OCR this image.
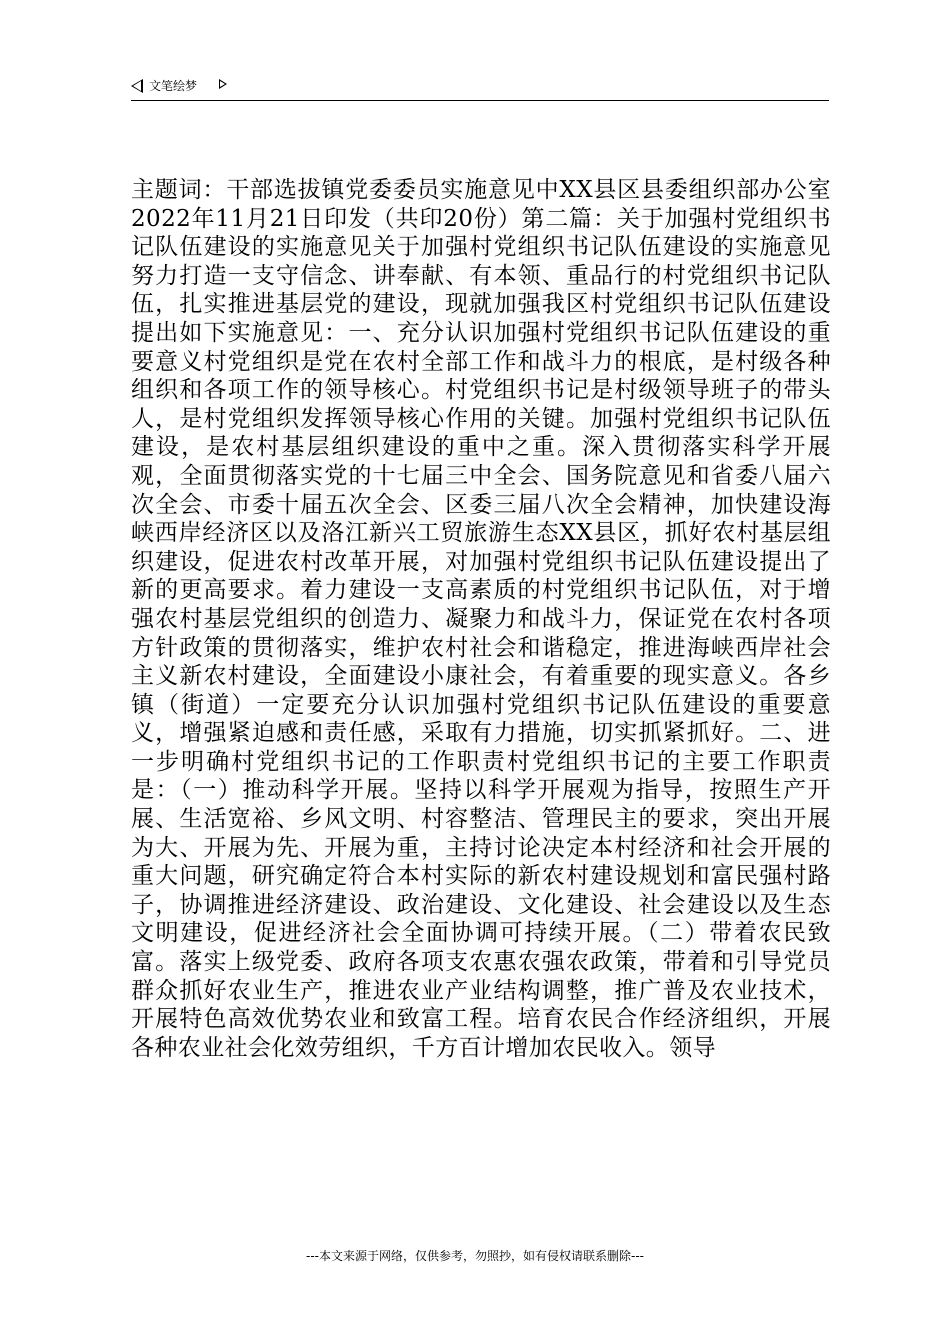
文笔绘梦
主题词：干部选拔镇党委委员实施意见中XX县区县委组织部办公室2022年11月21日印发（共印20份）第二篇：关于加强村党组织书记队伍建设的实施意见关于加强村党组织书记队伍建设的实施意见努力打造一支守信念、讲奉献、有本领、重品行的村党组织书记队伍，扎实推进基层党的建设，现就加强我区村党组织书记队伍建设提出如下实施意见：一、充分认识加强村党组织书记队伍建设的重要意义村党组织是党在农村全部工作和战斗力的根底，是村级各种组织和各项工作的领导核心。村党组织书记是村级领导班子的带头人，是村党组织发挥领导核心作用的关键。加强村党组织书记队伍建设，是农村基层组织建设的重中之重。深入贯彻落实科学开展观，全面贯彻落实党的十七届三中全会、国务院意见和省委八届六次全会、市委十届五次全会、区委三届八次全会精神，加快建设海峡西岸经济区以及洛江新兴工贸旅游生态XX县区，抓好农村基层组织建设，促进农村改革开展，对加强村党组织书记队伍建设提出了新的更高要求。着力建设一支高素质的村党组织书记队伍，对于增强农村基层党组织的创造力、凝聚力和战斗力，保证党在农村各项方针政策的贯彻落实，维护农村社会和谐稳定，推进海峡西岸社会主义新农村建设，全面建设小康社会，有着重要的现实意义。各乡镇（街道）一定要充分认识加强村党组织书记队伍建设的重要意义，增强紧迫感和责任感，采取有力措施，切实抓紧抓好。二、进一步明确村党组织书记的工作职责村党组织书记的主要工作职责是：（一）推动科学开展。坚持以科学开展观为指导，按照生产开展、生活宽裕、乡风文明、村容整洁、管理民主的要求，突出开展为大、开展为先、开展为重，主持讨论决定本村经济和社会开展的重大问题，研究确定符合本村实际的新农村建设规划和富民强村路子，协调推进经济建设、政治建设、文化建设、社会建设以及生态文明建设，促进经济社会全面协调可持续开展。（二）带着农民致富。落实上级党委、政府各项支农惠农强农政策，带着和引导党员群众抓好农业生产，推进农业产业结构调整，推广普及农业技术，开展特色高效优势农业和致富工程。培育农民合作经济组织，开展各种农业社会化效劳组织，千方百计增加农民收入。领导
---本文来源于网络，仅供参考，勿照抄，如有侵权请联系删除---
